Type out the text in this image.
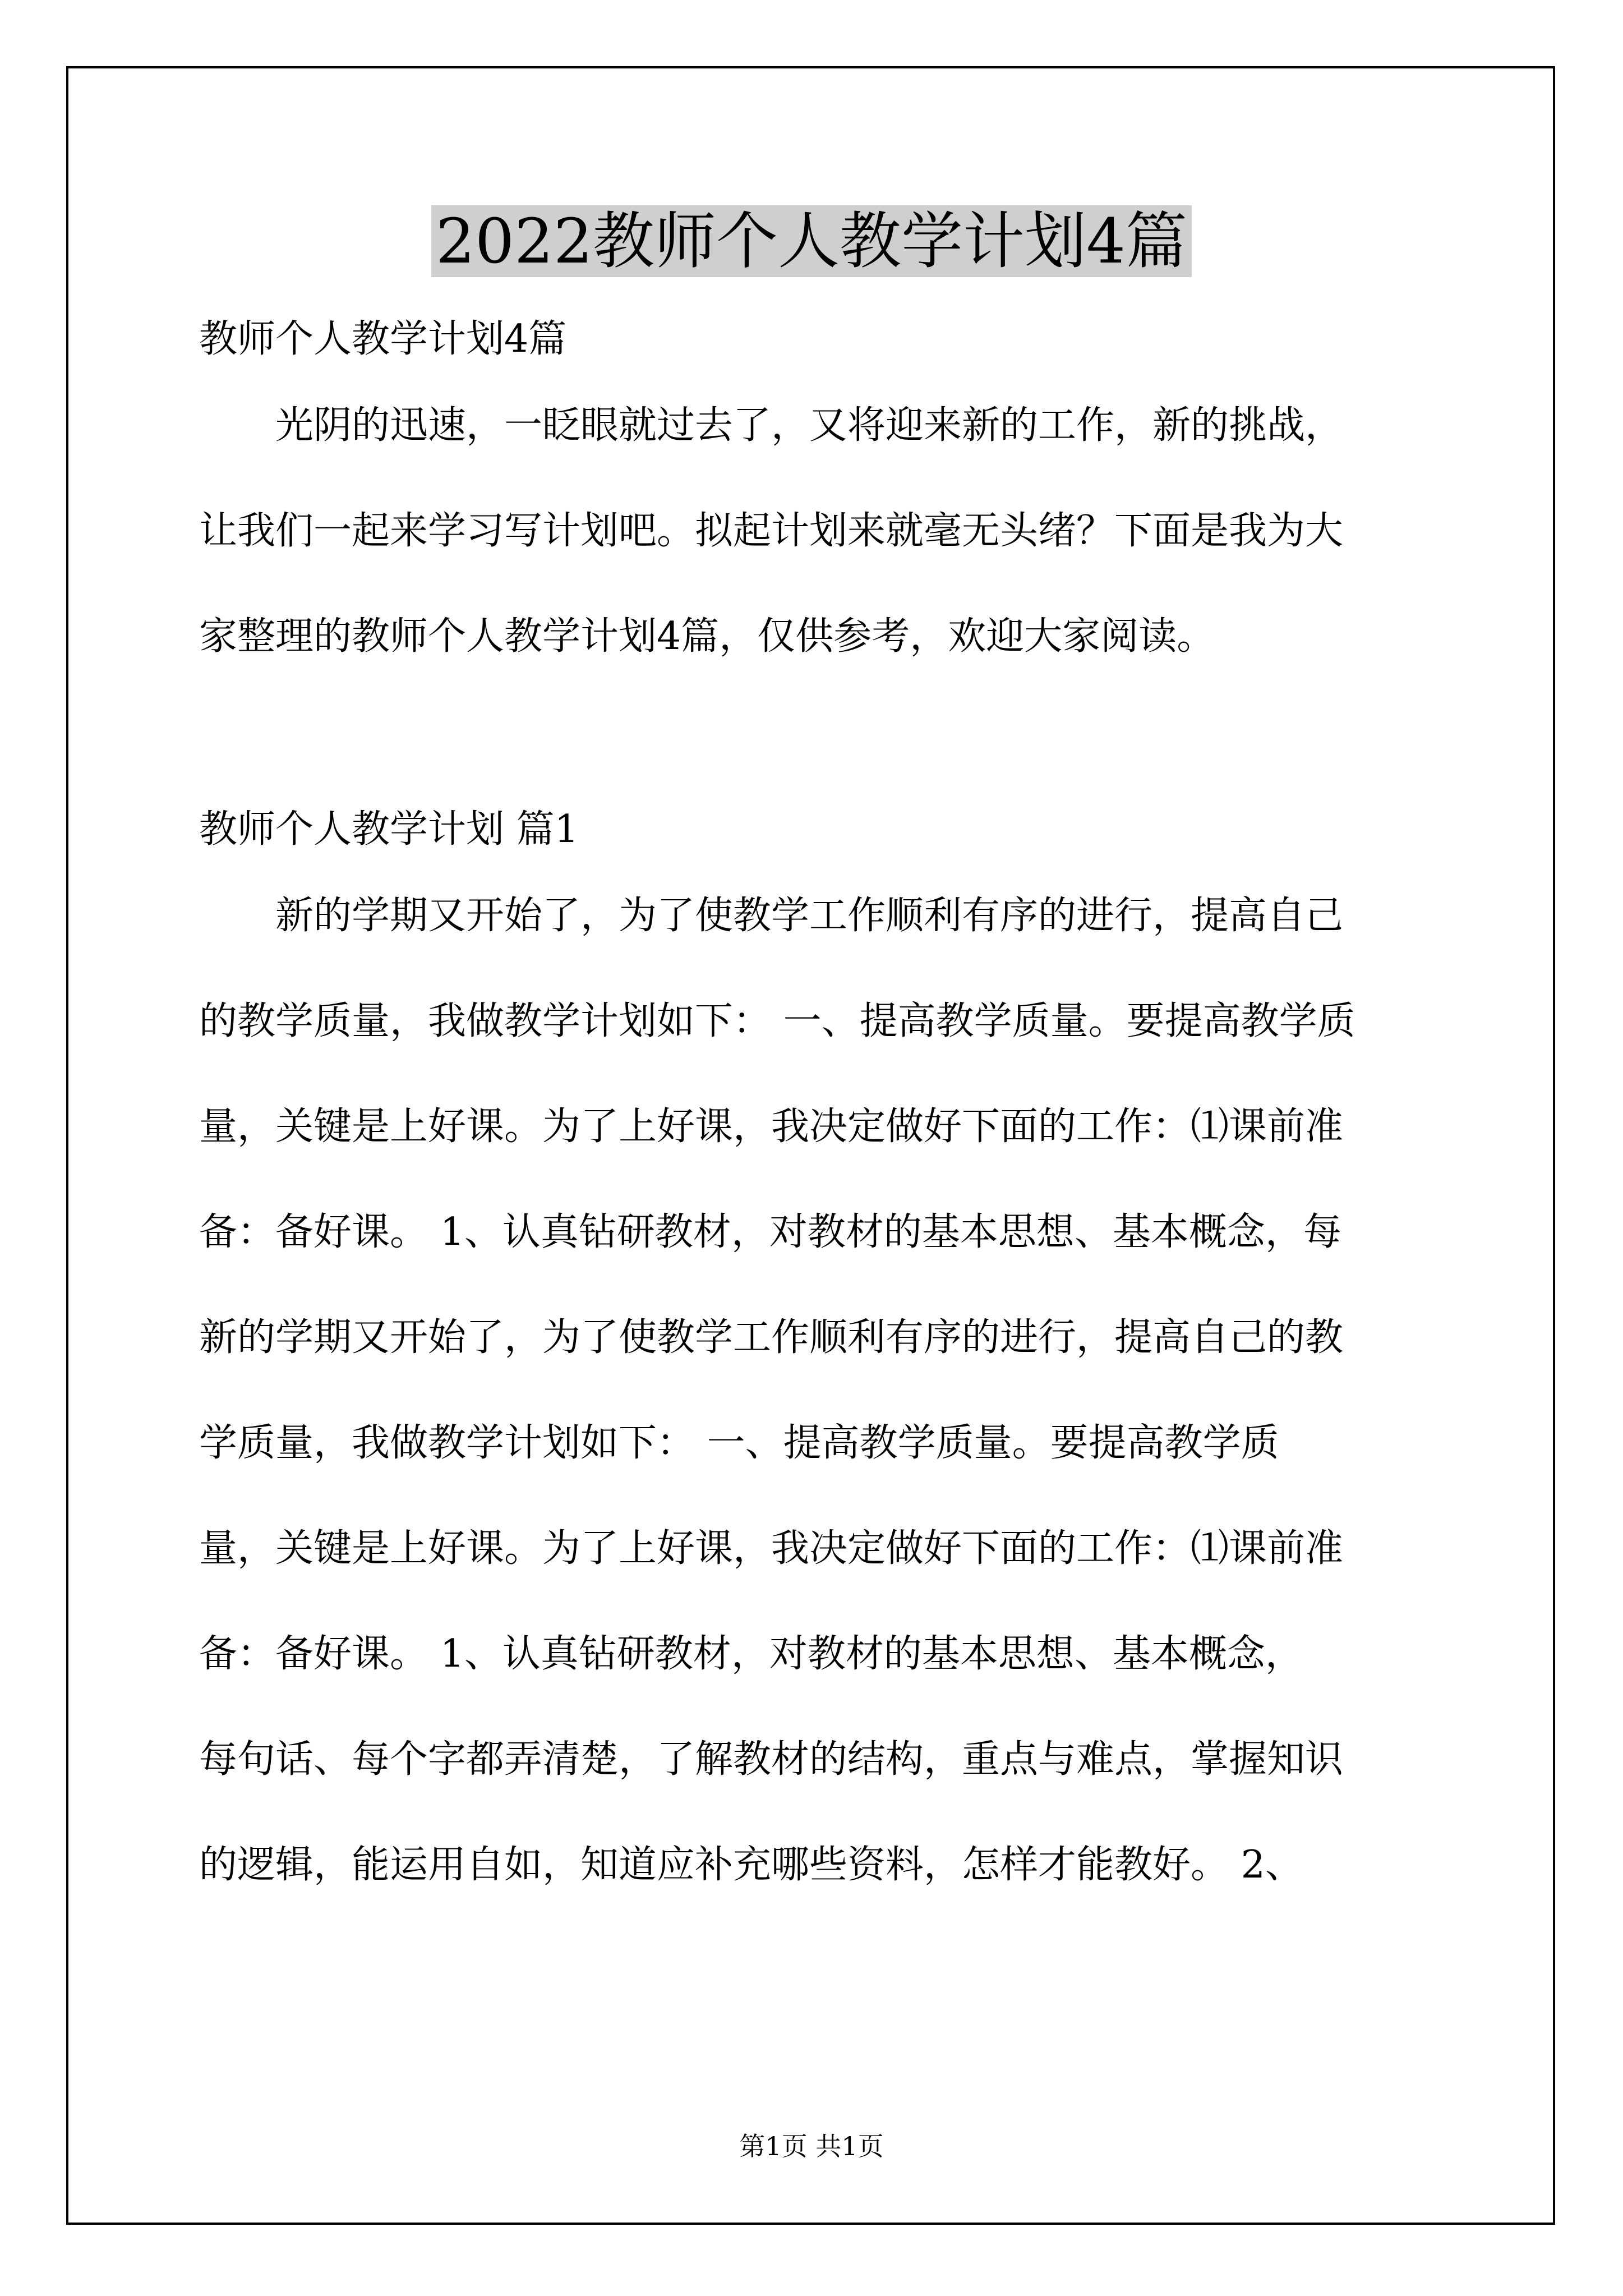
2022教师个人教学计划4篇
教师个人教学计划4篇
光阴的迅速，一眨眼就过去了，又将迎来新的工作，新的挑战，
让我们一起来学习写计划吧。拟起计划来就毫无头绪？下面是我为大
家整理的教师个人教学计划4篇，仅供参考，欢迎大家阅读。
教师个人教学计划 篇1
新的学期又开始了，为了使教学工作顺利有序的进行，提高自己
的教学质量，我做教学计划如下： 一、提高教学质量。要提高教学质
量，关键是上好课。为了上好课，我决定做好下面的工作：⑴课前准
备：备好课。 1、认真钻研教材，对教材的基本思想、基本概念，每
新的学期又开始了，为了使教学工作顺利有序的进行，提高自己的教
学质量，我做教学计划如下： 一、提高教学质量。要提高教学质
量，关键是上好课。为了上好课，我决定做好下面的工作：⑴课前准
备：备好课。 1、认真钻研教材，对教材的基本思想、基本概念，
每句话、每个字都弄清楚，了解教材的结构，重点与难点，掌握知识
的逻辑，能运用自如，知道应补充哪些资料，怎样才能教好。 2、
第1页 共1页
